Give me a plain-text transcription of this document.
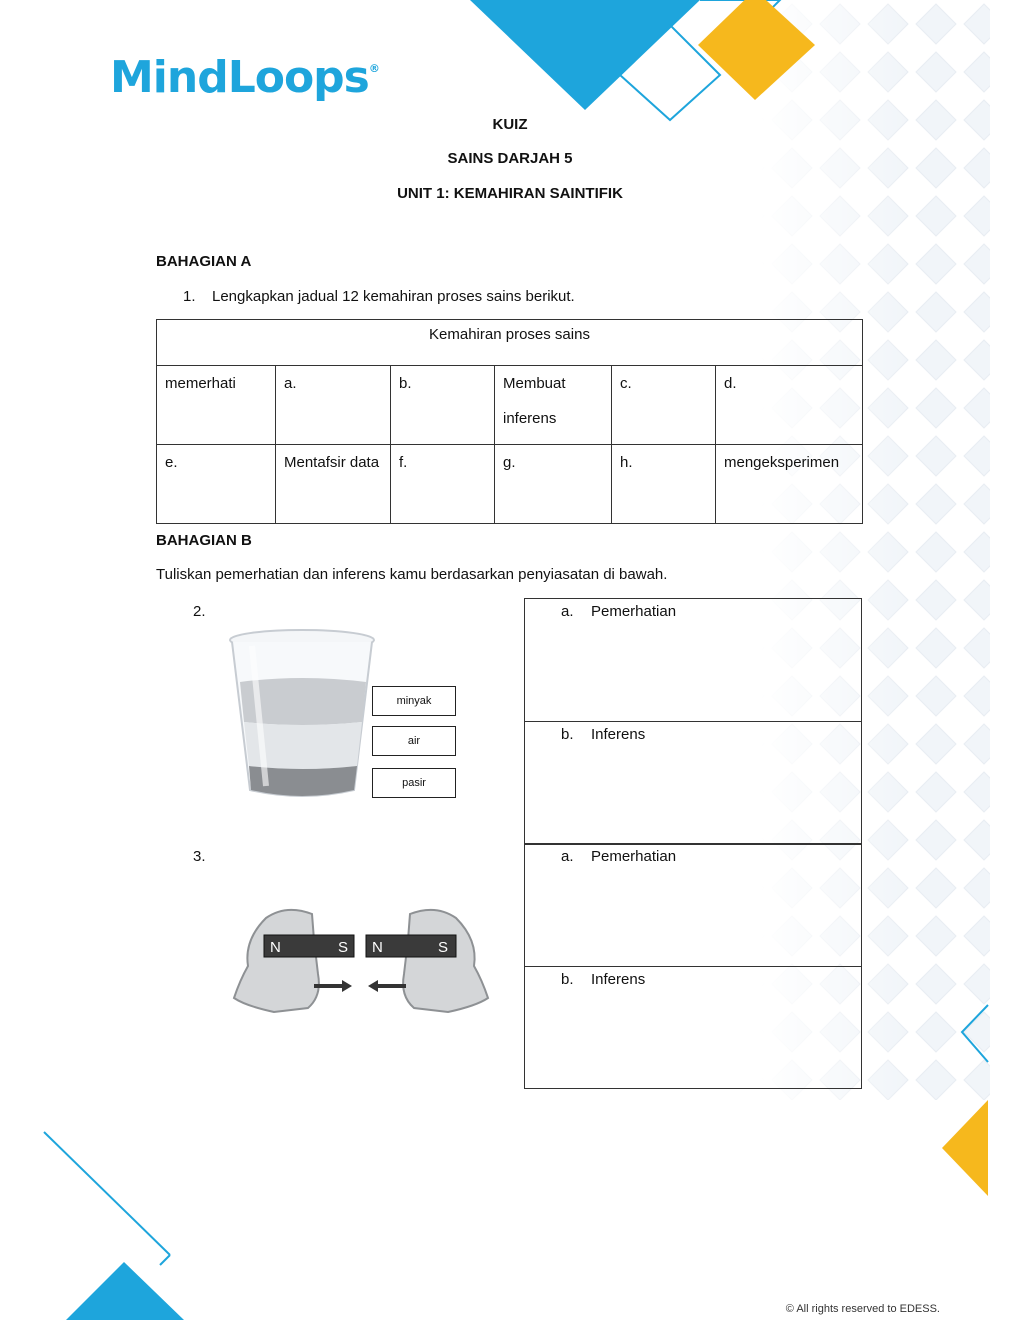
MindLoops®
KUIZ
SAINS DARJAH 5
UNIT 1: KEMAHIRAN SAINTIFIK
BAHAGIAN A
1. Lengkapkan jadual 12 kemahiran proses sains berikut.
Kemahiran proses sains					
memerhati	a.	b.	Membuat inferens	c.	d.
e.	Mentafsir data	f.	g.	h.	mengeksperimen
BAHAGIAN B
Tuliskan pemerhatian dan inferens kamu berdasarkan penyiasatan di bawah.
2.
minyak
air
pasir
a. Pemerhatian
b. Inferens
3.
N	S N	S
a. Pemerhatian
b. Inferens
© All rights reserved to EDESS.
